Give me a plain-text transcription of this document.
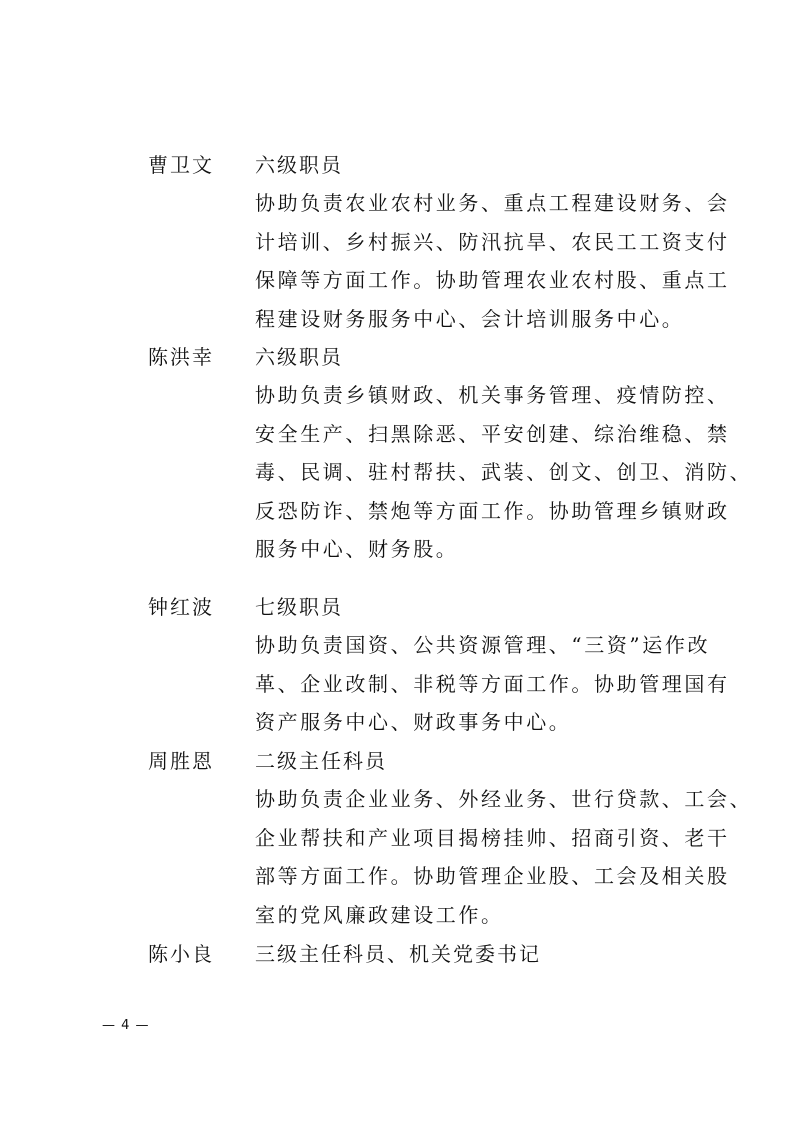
曹卫文 六级职员
协助负责农业农村业务、重点工程建设财务、会
计培训、乡村振兴、防汛抗旱、农民工工资支付
保障等方面工作。协助管理农业农村股、重点工
程建设财务服务中心、会计培训服务中心。
陈洪幸 六级职员
协助负责乡镇财政、机关事务管理、疫情防控、
安全生产、扫黑除恶、平安创建、综治维稳、禁
毒、民调、驻村帮扶、武装、创文、创卫、消防、
反恐防诈、禁炮等方面工作。协助管理乡镇财政
服务中心、财务股。
钟红波 七级职员
协助负责国资、公共资源管理、“三资”运作改
革、企业改制、非税等方面工作。协助管理国有
资产服务中心、财政事务中心。
周胜恩 二级主任科员
协助负责企业业务、外经业务、世行贷款、工会、
企业帮扶和产业项目揭榜挂帅、招商引资、老干
部等方面工作。协助管理企业股、工会及相关股
室的党风廉政建设工作。
陈小良 三级主任科员、机关党委书记
— 4 —
